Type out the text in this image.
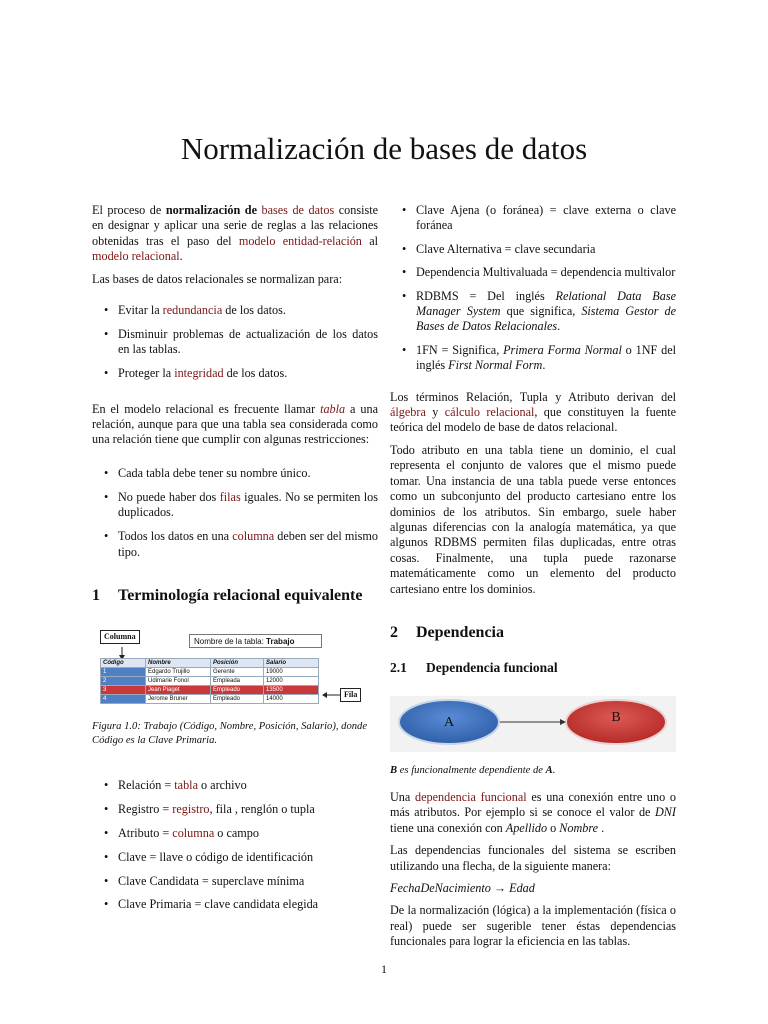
Normalización de bases de datos

El proceso de normalización de bases de datos consiste en designar y aplicar una serie de reglas a las relaciones obtenidas tras el paso del modelo entidad-relación al modelo relacional.

Las bases de datos relacionales se normalizan para:

• Evitar la redundancia de los datos.
• Disminuir problemas de actualización de los datos en las tablas.
• Proteger la integridad de los datos.

En el modelo relacional es frecuente llamar tabla a una relación, aunque para que una tabla sea considerada como una relación tiene que cumplir con algunas restricciones:

• Cada tabla debe tener su nombre único.
• No puede haber dos filas iguales. No se permiten los duplicados.
• Todos los datos en una columna deben ser del mismo tipo.
1	Terminología relacional equivalente
Columna
Nombre de la tabla: Trabajo
Código	Nombre	Posición	Salario
1	Edgardo Trujillo	Gerente	19000
2	Udimarie Fonol	Empleada	12000
3	Jean Piaget	Empleado	13500
4	Jerome Bruner	Empleado	14000	Fila

Figura 1.0: Trabajo (Código, Nombre, Posición, Salario), donde Código es la Clave Primaria.

• Relación = tabla o archivo
• Registro = registro, fila , renglón o tupla
• Atributo = columna o campo
• Clave = llave o código de identificación
• Clave Candidata = superclave mínima
• Clave Primaria = clave candidata elegida
• Clave Ajena (o foránea) = clave externa o clave foránea
• Clave Alternativa = clave secundaria
• Dependencia Multivaluada = dependencia multivalor
• RDBMS = Del inglés Relational Data Base Manager System que significa, Sistema Gestor de Bases de Datos Relacionales.
• 1FN = Significa, Primera Forma Normal o 1NF del inglés First Normal Form.

Los términos Relación, Tupla y Atributo derivan del álgebra y cálculo relacional, que constituyen la fuente teórica del modelo de base de datos relacional.

Todo atributo en una tabla tiene un dominio, el cual representa el conjunto de valores que el mismo puede tomar. Una instancia de una tabla puede verse entonces como un subconjunto del producto cartesiano entre los dominios de los atributos. Sin embargo, suele haber algunas diferencias con la analogía matemática, ya que algunos RDBMS permiten filas duplicadas, entre otras cosas. Finalmente, una tupla puede razonarse matemáticamente como un elemento del producto cartesiano entre los dominios.

2	Dependencia
2.1	Dependencia funcional
A	B

B es funcionalmente dependiente de A.

Una dependencia funcional es una conexión entre uno o más atributos. Por ejemplo si se conoce el valor de DNI tiene una conexión con Apellido o Nombre .

Las dependencias funcionales del sistema se escriben utilizando una flecha, de la siguiente manera:

FechaDeNacimiento → Edad

De la normalización (lógica) a la implementación (física o real) puede ser sugerible tener éstas dependencias funcionales para lograr la eficiencia en las tablas.

1
